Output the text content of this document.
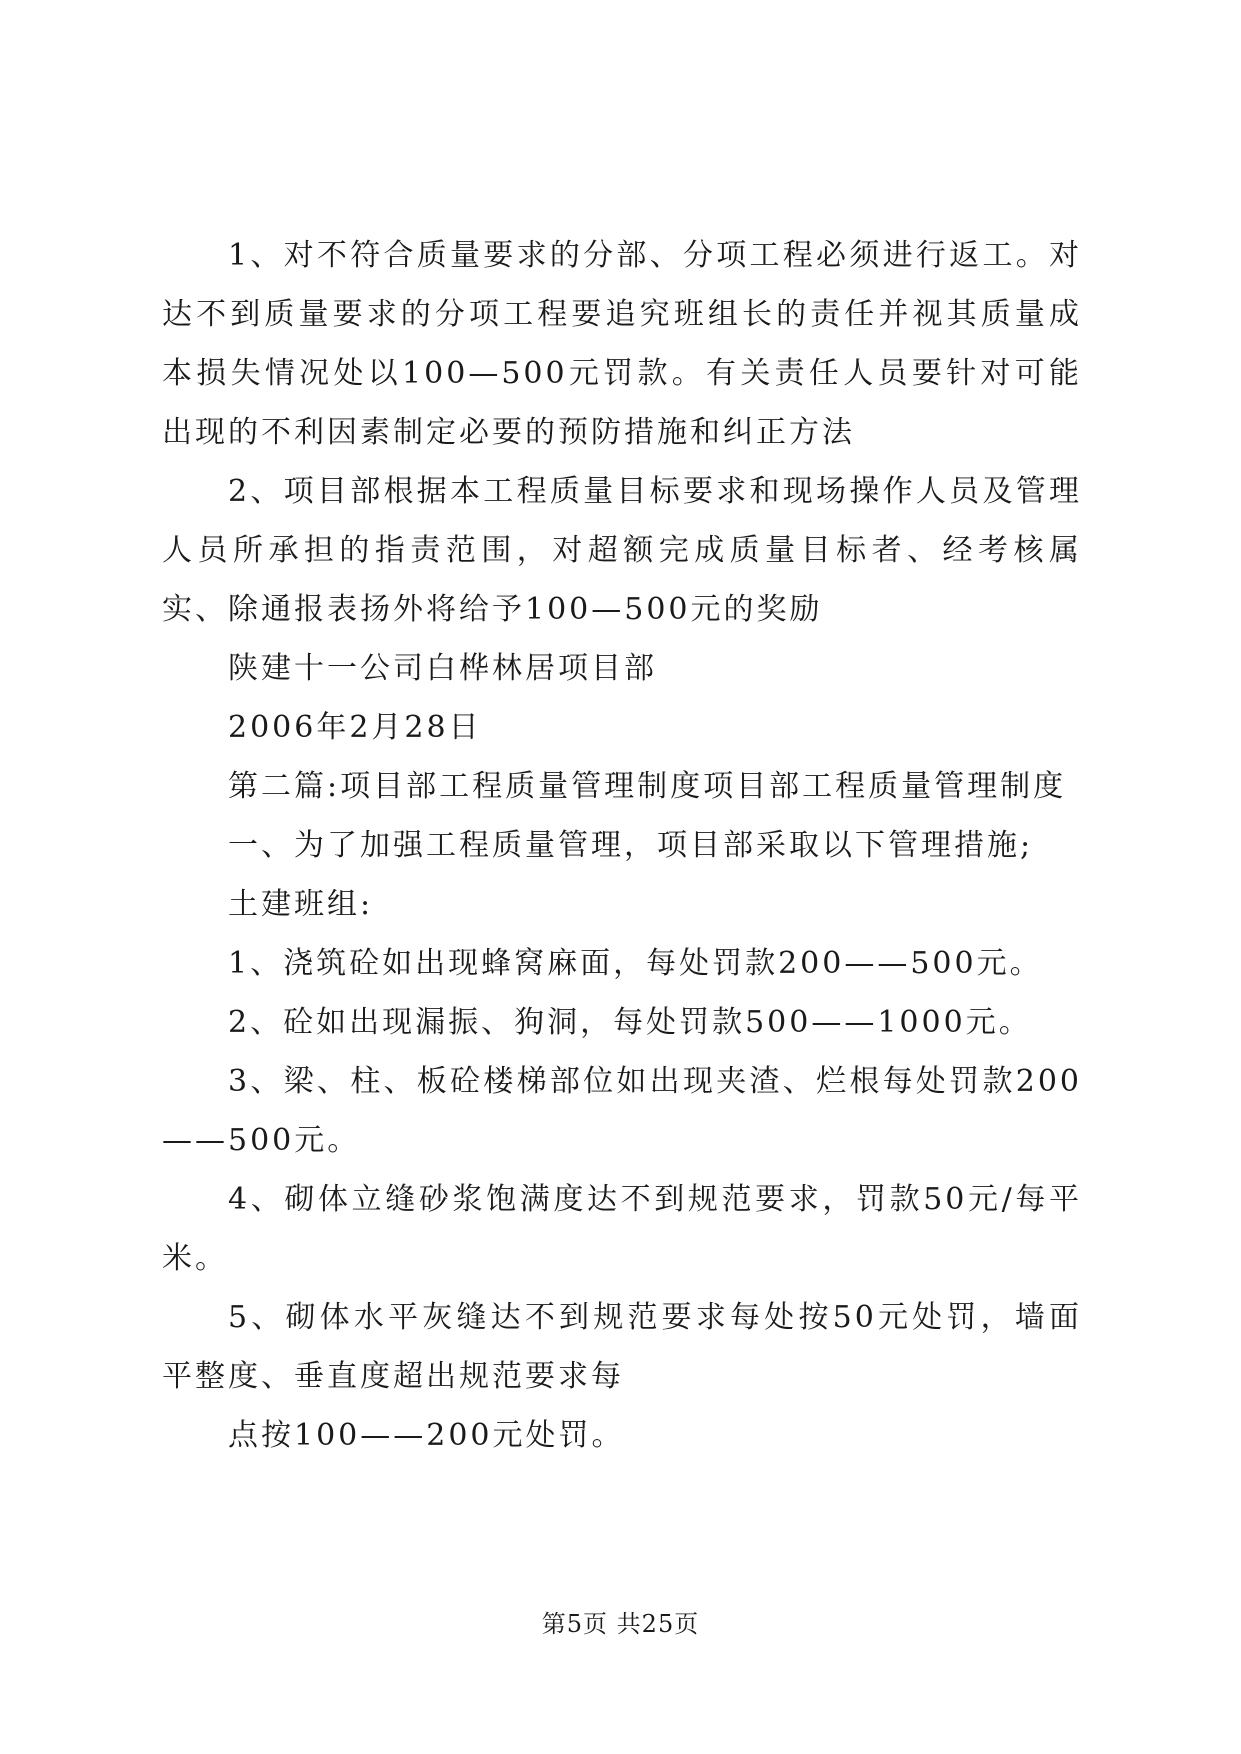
1、对不符合质量要求的分部、分项工程必须进行返工。对达不到质量要求的分项工程要追究班组长的责任并视其质量成本损失情况处以100—500元罚款。有关责任人员要针对可能出现的不利因素制定必要的预防措施和纠正方法

2、项目部根据本工程质量目标要求和现场操作人员及管理人员所承担的指责范围，对超额完成质量目标者、经考核属实、除通报表扬外将给予100—500元的奖励

陕建十一公司白桦林居项目部

2006年2月28日

第二篇:项目部工程质量管理制度项目部工程质量管理制度

一、为了加强工程质量管理，项目部采取以下管理措施;

土建班组:

1、浇筑砼如出现蜂窝麻面，每处罚款200——500元。

2、砼如出现漏振、狗洞，每处罚款500——1000元。

3、梁、柱、板砼楼梯部位如出现夹渣、烂根每处罚款200——500元。

4、砌体立缝砂浆饱满度达不到规范要求，罚款50元/每平米。

5、砌体水平灰缝达不到规范要求每处按50元处罚，墙面平整度、垂直度超出规范要求每

点按100——200元处罚。

第5页 共25页
